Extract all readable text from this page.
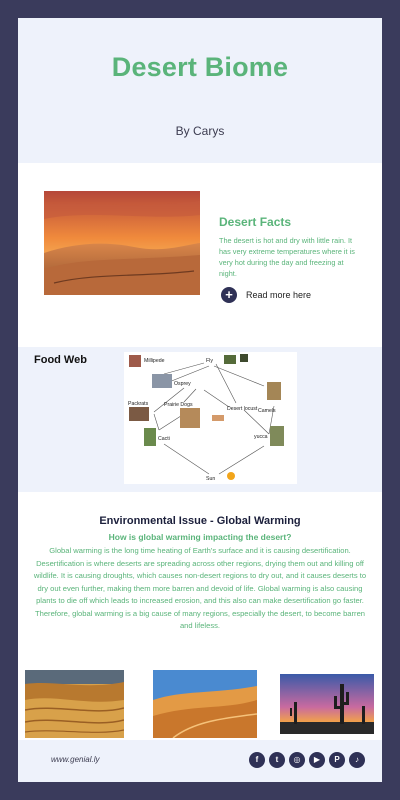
Desert Biome
By Carys
Desert Facts
The desert is hot and dry with little rain. It has very extreme temperatures where it is very hot during the day and freezing at night.
+	Read more here
Food Web	Millipede	Fly
Osprey
Packrats	Prairie Dogs
Desert locust Camels
Cacti	yucca
Sun
Environmental Issue - Global Warming
How is global warming impacting the desert?
Global warming is the long time heating of Earth's surface and it is causing desertification. Desertification is where deserts are spreading across other regions, drying them out and killing off wildlife. It is causing droughts, which causes non-desert regions to dry out, and it causes deserts to dry out even further, making them more barren and devoid of life. Global warming is also causing plants to die off which leads to increased erosion, and this also can make desertification go faster. Therefore, global warming is a big cause of many regions, especially the desert, to become barren and lifeless.
www.genial.ly	f	t	◎	▶	P	♪
